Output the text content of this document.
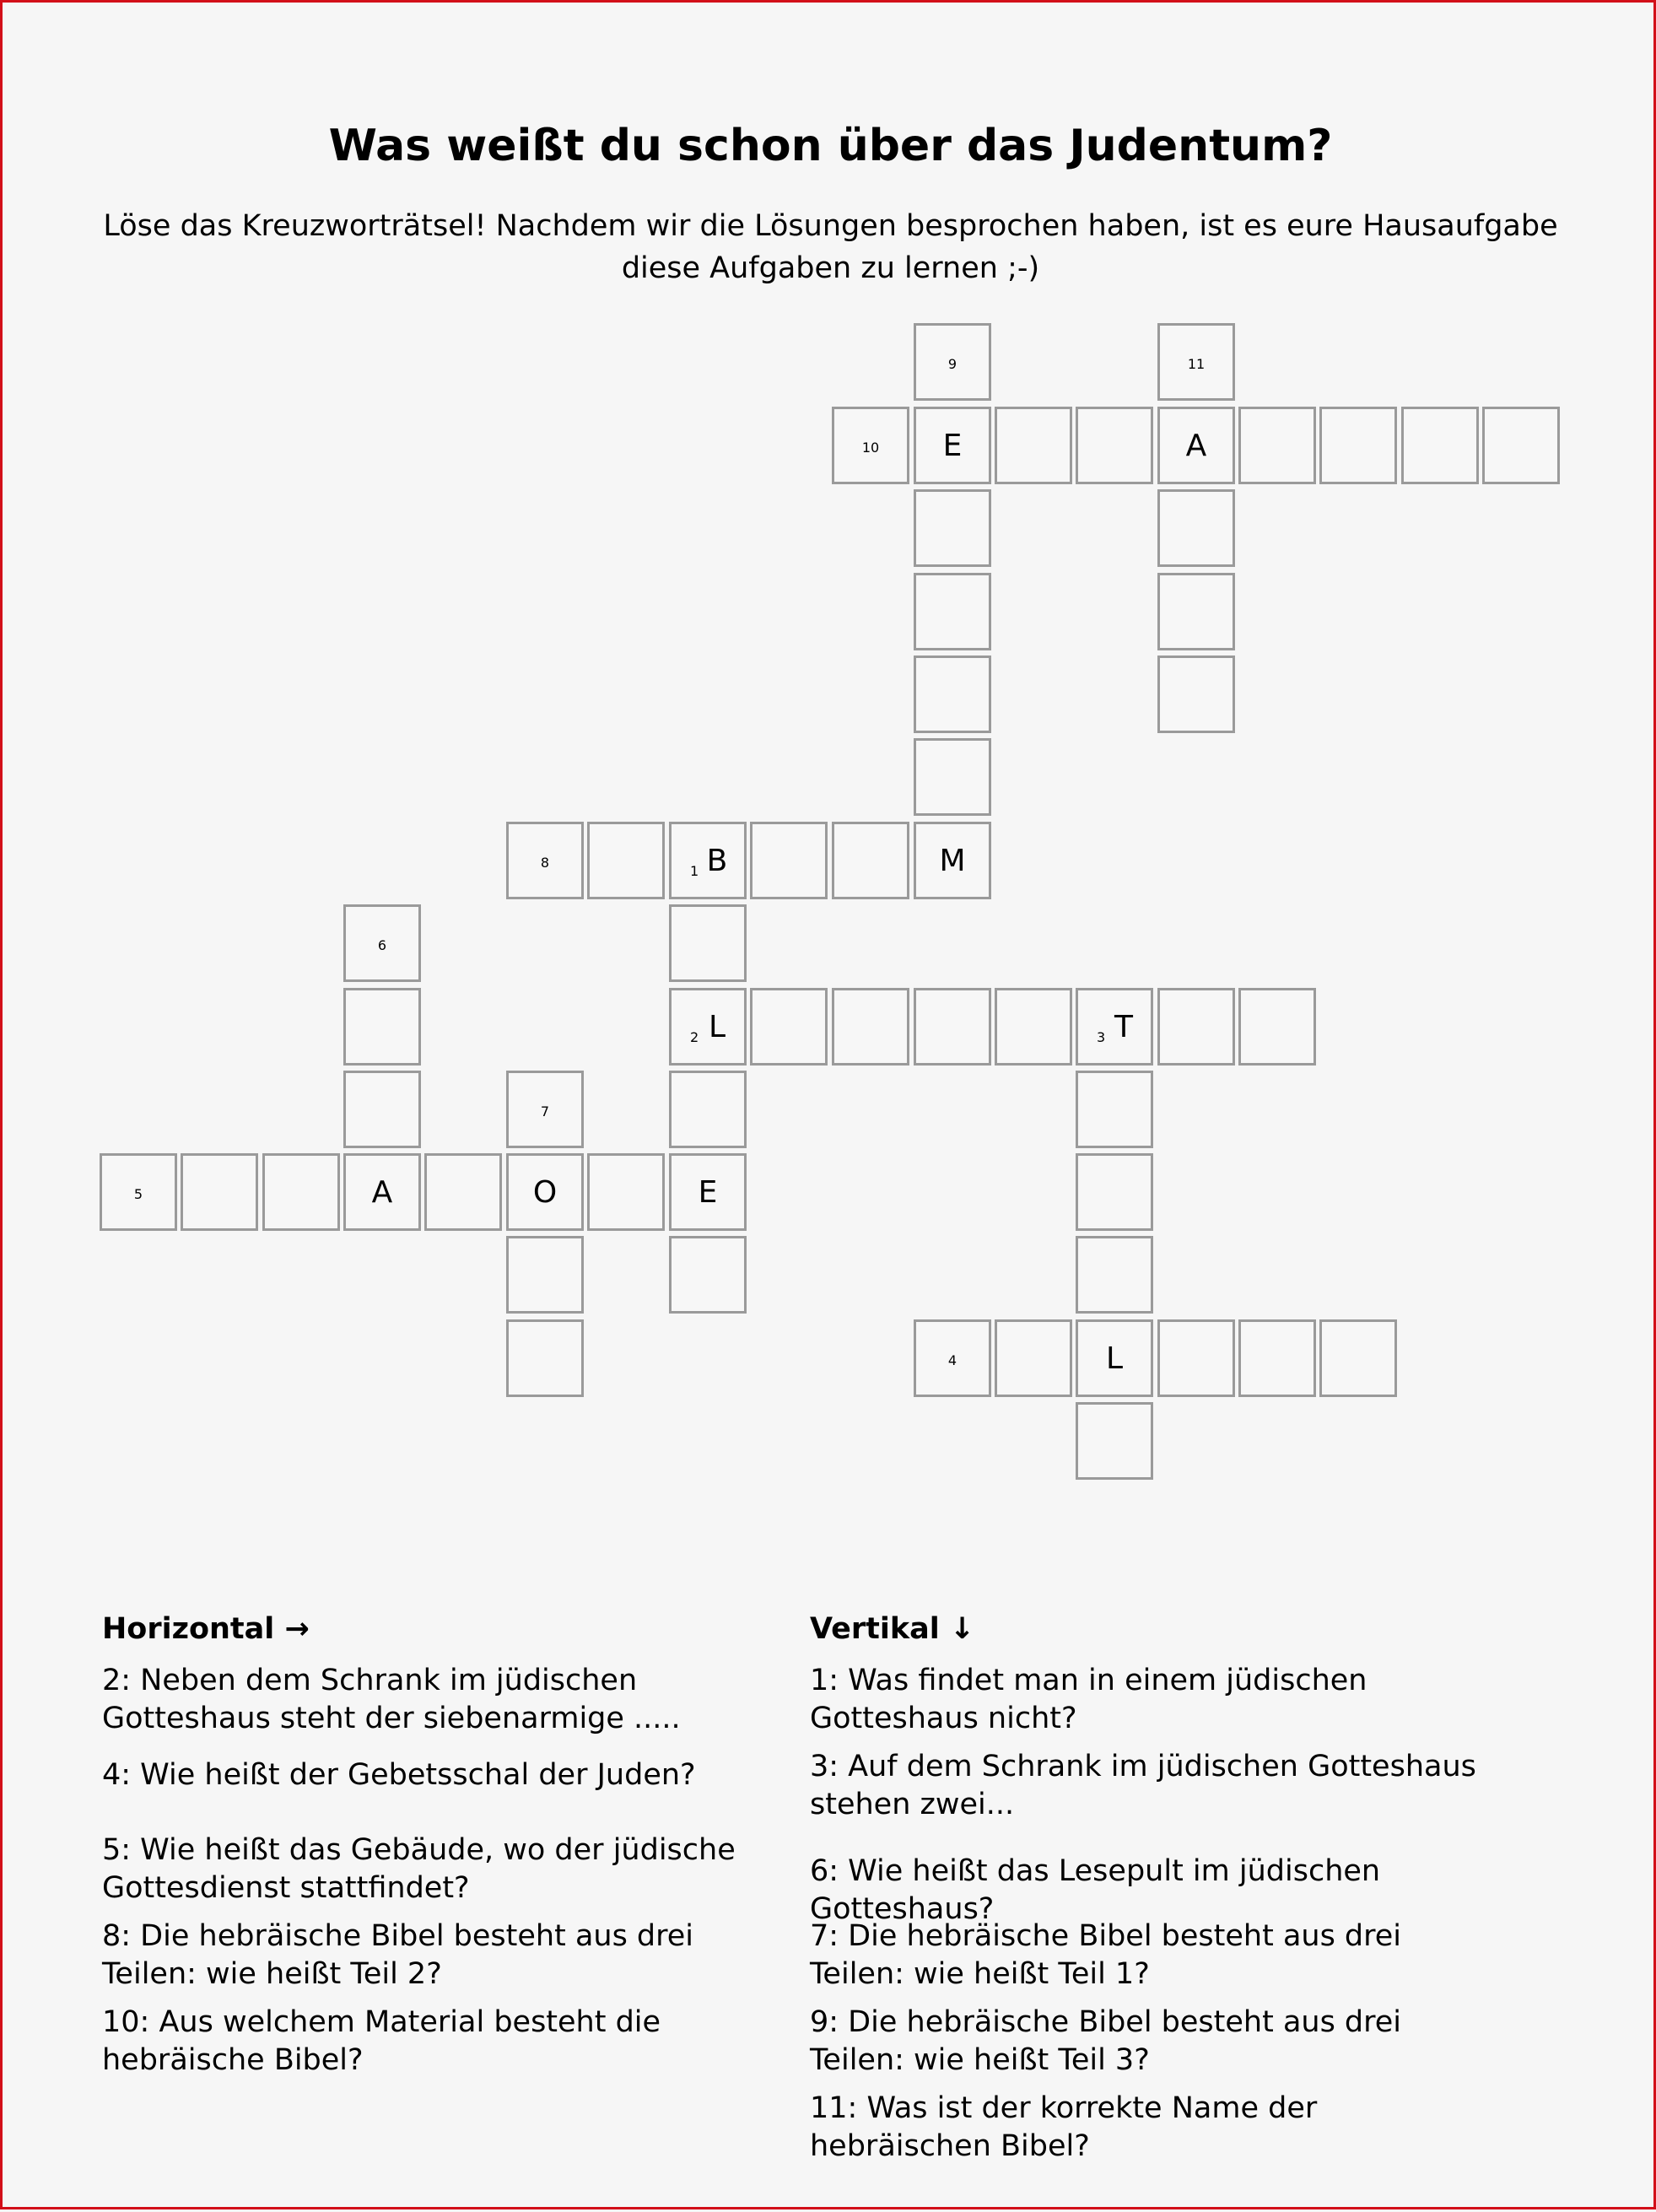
Was weißt du schon über das Judentum?
Löse das Kreuzworträtsel! Nachdem wir die Lösungen besprochen haben, ist es eure Hausaufgabe diese Aufgaben zu lernen ;-)
9
10	E	A
11
8
1 B	M
E
2 L	3 T
4	L
6
7
5	A	O
Horizontal →
2: Neben dem Schrank im jüdischen Gotteshaus steht der siebenarmige .....
4: Wie heißt der Gebetsschal der Juden?
5: Wie heißt das Gebäude, wo der jüdische Gottesdienst stattfindet?
8: Die hebräische Bibel besteht aus drei Teilen: wie heißt Teil 2?
10: Aus welchem Material besteht die hebräische Bibel?
Vertikal ↓
1: Was findet man in einem jüdischen Gotteshaus nicht?
3: Auf dem Schrank im jüdischen Gotteshaus stehen zwei...
6: Wie heißt das Lesepult im jüdischen Gotteshaus?
7: Die hebräische Bibel besteht aus drei Teilen: wie heißt Teil 1?
9: Die hebräische Bibel besteht aus drei Teilen: wie heißt Teil 3?
11: Was ist der korrekte Name der hebräischen Bibel?
